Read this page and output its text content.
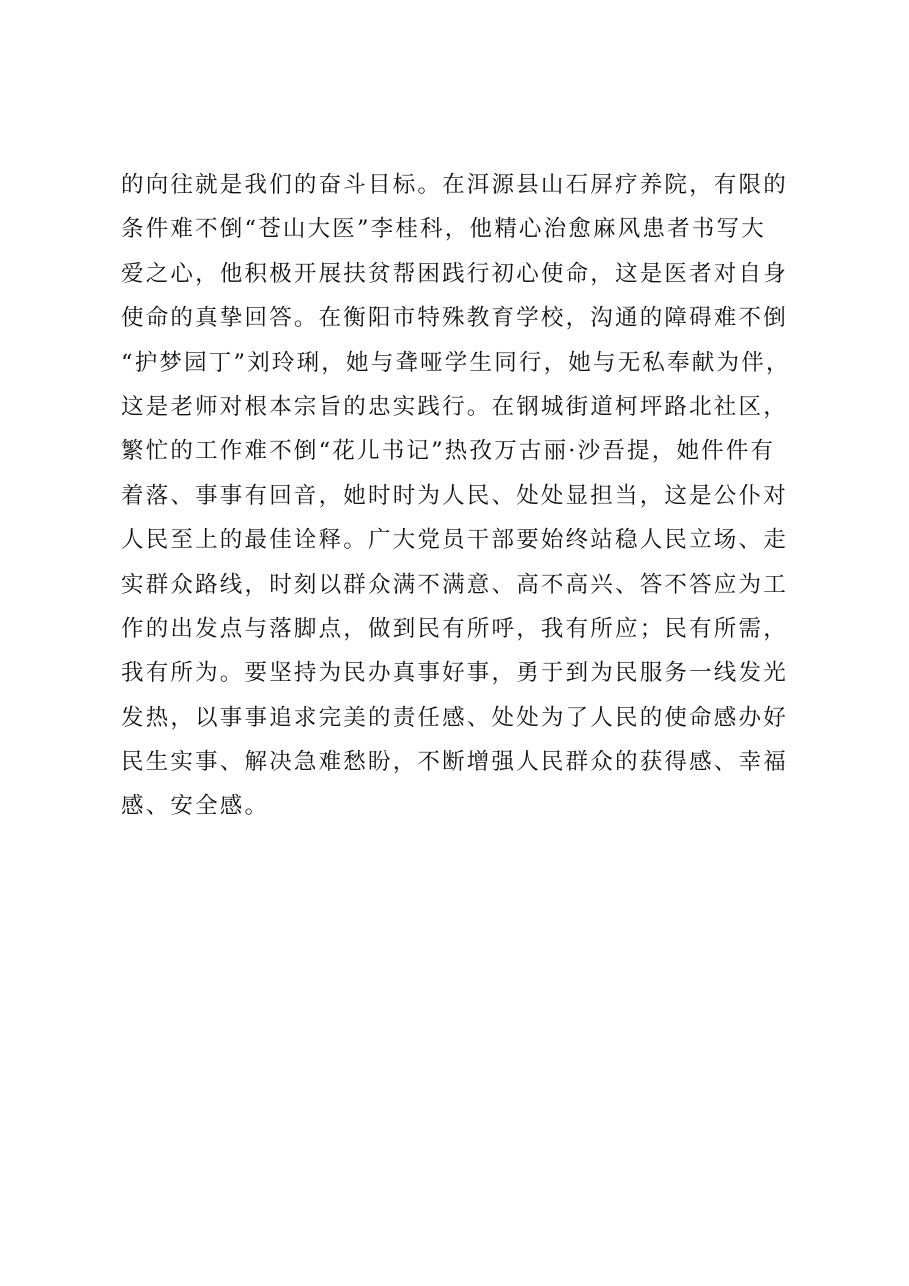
的向往就是我们的奋斗目标。在洱源县山石屏疗养院，有限的
条件难不倒“苍山大医”李桂科，他精心治愈麻风患者书写大
爱之心，他积极开展扶贫帮困践行初心使命，这是医者对自身
使命的真挚回答。在衡阳市特殊教育学校，沟通的障碍难不倒
“护梦园丁”刘玲琍，她与聋哑学生同行，她与无私奉献为伴，
这是老师对根本宗旨的忠实践行。在钢城街道柯坪路北社区，
繁忙的工作难不倒“花儿书记”热孜万古丽·沙吾提，她件件有
着落、事事有回音，她时时为人民、处处显担当，这是公仆对
人民至上的最佳诠释。广大党员干部要始终站稳人民立场、走
实群众路线，时刻以群众满不满意、高不高兴、答不答应为工
作的出发点与落脚点，做到民有所呼，我有所应；民有所需，
我有所为。要坚持为民办真事好事，勇于到为民服务一线发光
发热，以事事追求完美的责任感、处处为了人民的使命感办好
民生实事、解决急难愁盼，不断增强人民群众的获得感、幸福
感、安全感。
